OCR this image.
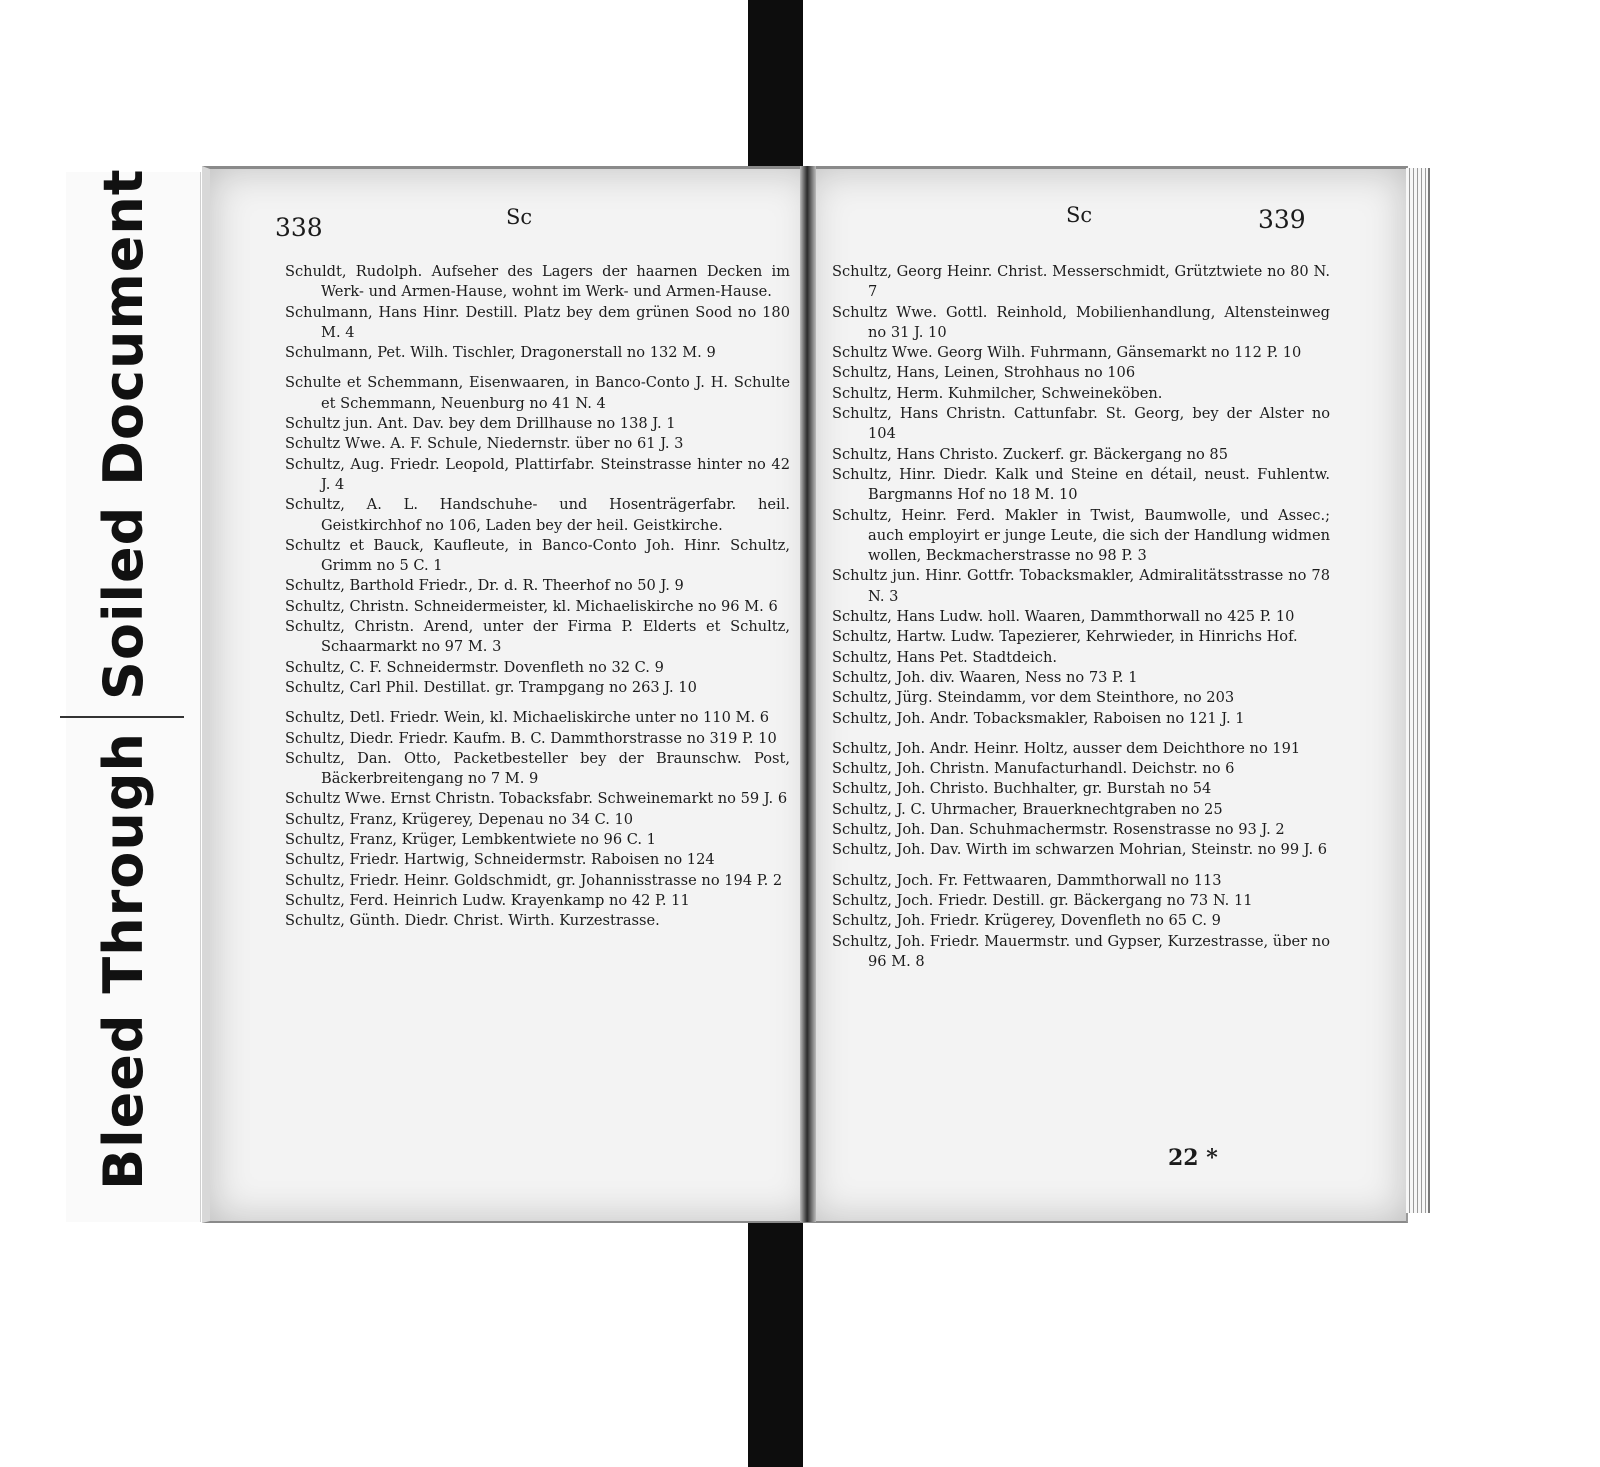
Soiled Document
Bleed Through
338	Sc	Sc	339
Schuldt, Rudolph. Aufseher des Lagers der haarnen Decken im Werk- und Armen-Hause, wohnt im Werk- und Armen-Hause.
Schulmann, Hans Hinr. Destill. Platz bey dem grünen Sood no 180 M. 4
Schulmann, Pet. Wilh. Tischler, Dragonerstall no 132 M. 9
Schulte et Schemmann, Eisenwaaren, in Banco-Conto J. H. Schulte et Schemmann, Neuenburg no 41 N. 4
Schultz jun. Ant. Dav. bey dem Drillhause no 138 J. 1
Schultz Wwe. A. F. Schule, Niedernstr. über no 61 J. 3
Schultz, Aug. Friedr. Leopold, Plattirfabr. Steinstrasse hinter no 42 J. 4
Schultz, A. L. Handschuhe- und Hosenträgerfabr. heil. Geistkirchhof no 106, Laden bey der heil. Geistkirche.
Schultz et Bauck, Kaufleute, in Banco-Conto Joh. Hinr. Schultz, Grimm no 5 C. 1
Schultz, Barthold Friedr., Dr. d. R. Theerhof no 50 J. 9
Schultz, Christn. Schneidermeister, kl. Michaeliskirche no 96 M. 6
Schultz, Christn. Arend, unter der Firma P. Elderts et Schultz, Schaarmarkt no 97 M. 3
Schultz, C. F. Schneidermstr. Dovenfleth no 32 C. 9
Schultz, Carl Phil. Destillat. gr. Trampgang no 263 J. 10
Schultz, Detl. Friedr. Wein, kl. Michaeliskirche unter no 110 M. 6
Schultz, Diedr. Friedr. Kaufm. B. C. Dammthorstrasse no 319 P. 10
Schultz, Dan. Otto, Packetbesteller bey der Braunschw. Post, Bäckerbreitengang no 7 M. 9
Schultz Wwe. Ernst Christn. Tobacksfabr. Schweinemarkt no 59 J. 6
Schultz, Franz, Krügerey, Depenau no 34 C. 10
Schultz, Franz, Krüger, Lembkentwiete no 96 C. 1
Schultz, Friedr. Hartwig, Schneidermstr. Raboisen no 124
Schultz, Friedr. Heinr. Goldschmidt, gr. Johannisstrasse no 194 P. 2
Schultz, Ferd. Heinrich Ludw. Krayenkamp no 42 P. 11
Schultz, Günth. Diedr. Christ. Wirth. Kurzestrasse.
Schultz, Georg Heinr. Christ. Messerschmidt, Grütztwiete no 80 N. 7
Schultz Wwe. Gottl. Reinhold, Mobilienhandlung, Altensteinweg no 31 J. 10
Schultz Wwe. Georg Wilh. Fuhrmann, Gänsemarkt no 112 P. 10
Schultz, Hans, Leinen, Strohhaus no 106
Schultz, Herm. Kuhmilcher, Schweineköben.
Schultz, Hans Christn. Cattunfabr. St. Georg, bey der Alster no 104
Schultz, Hans Christo. Zuckerf. gr. Bäckergang no 85
Schultz, Hinr. Diedr. Kalk und Steine en détail, neust. Fuhlentw. Bargmanns Hof no 18 M. 10
Schultz, Heinr. Ferd. Makler in Twist, Baumwolle, und Assec.; auch employirt er junge Leute, die sich der Handlung widmen wollen, Beckmacherstrasse no 98 P. 3
Schultz jun. Hinr. Gottfr. Tobacksmakler, Admiralitätsstrasse no 78 N. 3
Schultz, Hans Ludw. holl. Waaren, Dammthorwall no 425 P. 10
Schultz, Hartw. Ludw. Tapezierer, Kehrwieder, in Hinrichs Hof.
Schultz, Hans Pet. Stadtdeich.
Schultz, Joh. div. Waaren, Ness no 73 P. 1
Schultz, Jürg. Steindamm, vor dem Steinthore, no 203
Schultz, Joh. Andr. Tobacksmakler, Raboisen no 121 J. 1
Schultz, Joh. Andr. Heinr. Holtz, ausser dem Deichthore no 191
Schultz, Joh. Christn. Manufacturhandl. Deichstr. no 6
Schultz, Joh. Christo. Buchhalter, gr. Burstah no 54
Schultz, J. C. Uhrmacher, Brauerknechtgraben no 25
Schultz, Joh. Dan. Schuhmachermstr. Rosenstrasse no 93 J. 2
Schultz, Joh. Dav. Wirth im schwarzen Mohrian, Steinstr. no 99 J. 6
Schultz, Joch. Fr. Fettwaaren, Dammthorwall no 113
Schultz, Joch. Friedr. Destill. gr. Bäckergang no 73 N. 11
Schultz, Joh. Friedr. Krügerey, Dovenfleth no 65 C. 9
Schultz, Joh. Friedr. Mauermstr. und Gypser, Kurzestrasse, über no 96 M. 8
22 *
